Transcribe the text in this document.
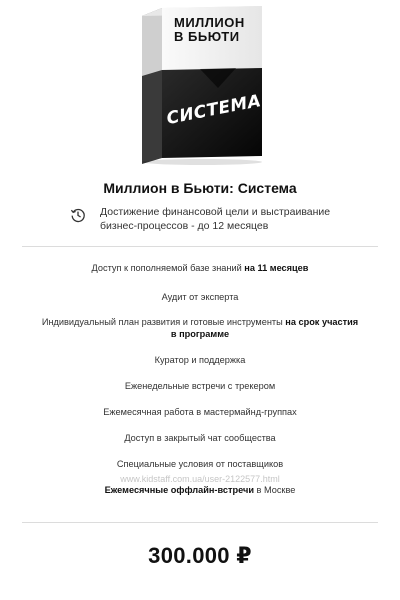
МИЛЛИОН
В БЬЮТИ
СИСТЕМА
Миллион в Бьюти: Система
Достижение финансовой цели и выстраивание бизнес-процессов - до 12 месяцев
Доступ к пополняемой базе знаний на 11 месяцев
Аудит от эксперта
Индивидуальный план развития и готовые инструменты на срок участия в программе
Куратор и поддержка
Еженедельные встречи с трекером
Ежемесячная работа в мастермайнд-группах
Доступ в закрытый чат сообщества
Специальные условия от поставщиков
Ежемесячные оффлайн-встречи в Москве
www.kidstaff.com.ua/user-2122577.html
300.000 ₽
